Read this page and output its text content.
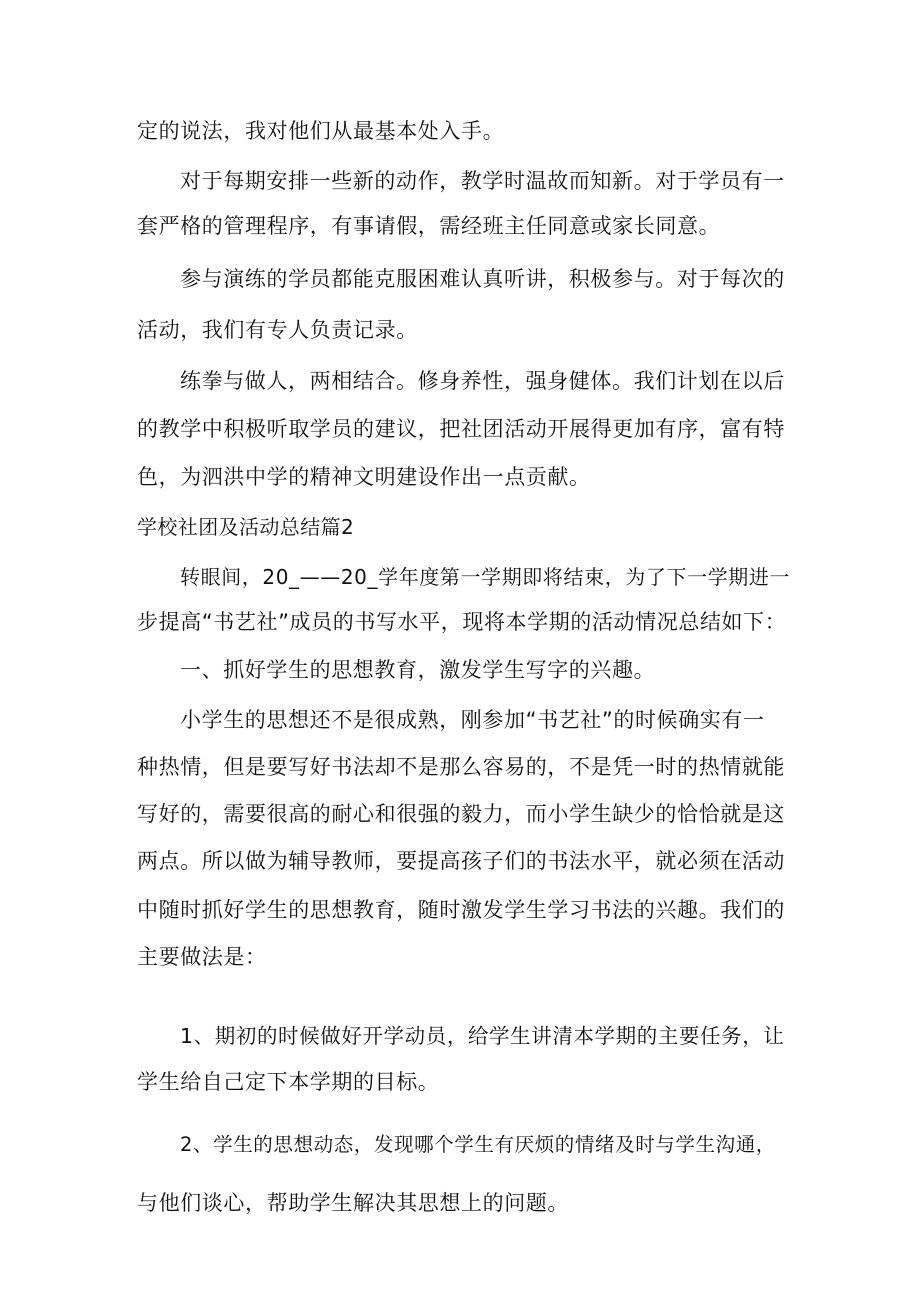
定的说法，我对他们从最基本处入手。
对于每期安排一些新的动作，教学时温故而知新。对于学员有一
套严格的管理程序，有事请假，需经班主任同意或家长同意。
参与演练的学员都能克服困难认真听讲，积极参与。对于每次的
活动，我们有专人负责记录。
练拳与做人，两相结合。修身养性，强身健体。我们计划在以后
的教学中积极听取学员的建议，把社团活动开展得更加有序，富有特
色，为泗洪中学的精神文明建设作出一点贡献。
学校社团及活动总结篇2
转眼间，20_——20_学年度第一学期即将结束，为了下一学期进一
步提高“书艺社”成员的书写水平，现将本学期的活动情况总结如下：
一、抓好学生的思想教育，激发学生写字的兴趣。
小学生的思想还不是很成熟，刚参加“书艺社”的时候确实有一
种热情，但是要写好书法却不是那么容易的，不是凭一时的热情就能
写好的，需要很高的耐心和很强的毅力，而小学生缺少的恰恰就是这
两点。所以做为辅导教师，要提高孩子们的书法水平，就必须在活动
中随时抓好学生的思想教育，随时激发学生学习书法的兴趣。我们的
主要做法是：
1、期初的时候做好开学动员，给学生讲清本学期的主要任务，让
学生给自己定下本学期的目标。
2、学生的思想动态，发现哪个学生有厌烦的情绪及时与学生沟通，
与他们谈心，帮助学生解决其思想上的问题。
